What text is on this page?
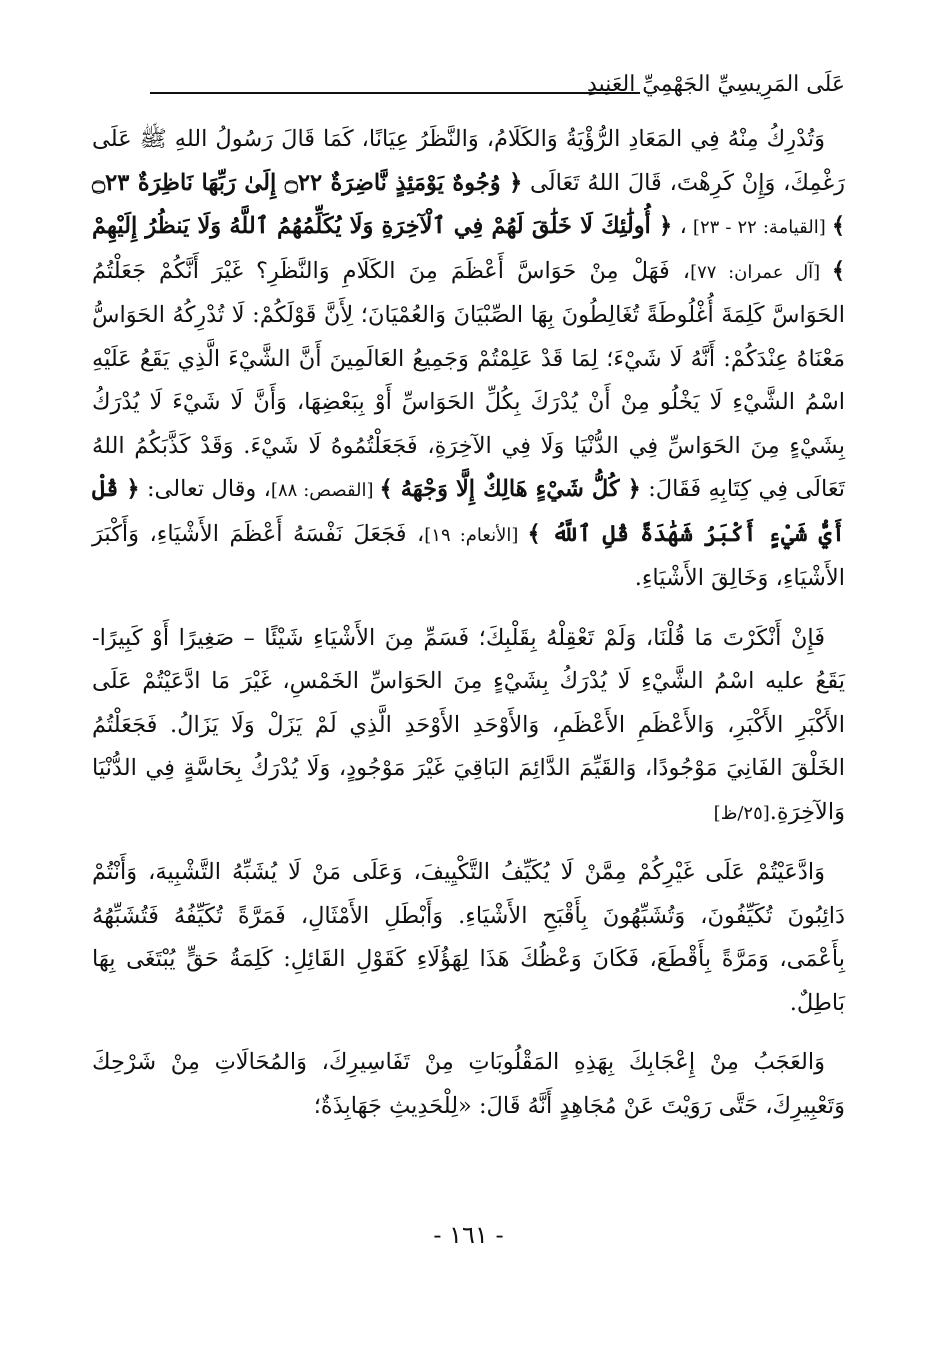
عَلَى المَرِيسِيِّ الجَهْمِيِّ العَنِيدِ

وَتُدْرِكُ مِنْهُ فِي المَعَادِ الرُّؤْيَةُ وَالكَلَامُ، وَالنَّظَرُ عِيَانًا، كَمَا قَالَ رَسُولُ اللهِ ﷺ عَلَى رَغْمِكَ، وَإِنْ كَرِهْتَ، قَالَ اللهُ تَعَالَى ﴿ وُجُوهٌ يَوْمَئِذٍ نَّاضِرَةٌ ۝٢٢ إِلَىٰ رَبِّهَا نَاظِرَةٌ ۝٢٣ ﴾ [القيامة: ٢٢ - ٢٣] ، ﴿ أُولَٰئِكَ لَا خَلَٰقَ لَهُمْ فِي ٱلْآخِرَةِ وَلَا يُكَلِّمُهُمُ ٱللَّهُ وَلَا يَنظُرُ إِلَيْهِمْ ﴾ [آل عمران: ٧٧]، فَهَلْ مِنْ حَوَاسَّ أَعْظَمَ مِنَ الكَلَامِ وَالنَّظَرِ؟ غَيْرَ أَنَّكُمْ جَعَلْتُمُ الحَوَاسَّ كَلِمَةَ أُغْلُوطَةً تُغَالِطُونَ بِهَا الصِّبْيَانَ وَالعُمْيَانَ؛ لِأَنَّ قَوْلَكُمْ: لَا تُدْرِكُهُ الحَوَاسُّ مَعْنَاهُ عِنْدَكُمْ: أَنَّهُ لَا شَيْءَ؛ لِمَا قَدْ عَلِمْتُمْ وَجَمِيعُ العَالَمِينَ أَنَّ الشَّيْءَ الَّذِي يَقَعُ عَلَيْهِ اسْمُ الشَّيْءِ لَا يَخْلُو مِنْ أَنْ يُدْرَكَ بِكُلِّ الحَوَاسِّ أَوْ بِبَعْضِهَا، وَأَنَّ لَا شَيْءَ لَا يُدْرَكُ بِشَيْءٍ مِنَ الحَوَاسِّ فِي الدُّنْيَا وَلَا فِي الآخِرَةِ، فَجَعَلْتُمُوهُ لَا شَيْءَ. وَقَدْ كَذَّبَكُمُ اللهُ تَعَالَى فِي كِتَابِهِ فَقَالَ: ﴿ كُلُّ شَيْءٍ هَالِكٌ إِلَّا وَجْهَهُ ﴾ [القصص: ٨٨]، وقال تعالى: ﴿ قُلْ أَيُّ شَيْءٍ أَكْبَرُ شَهَٰدَةً قُلِ ٱللَّهُ ﴾ [الأنعام: ١٩]، فَجَعَلَ نَفْسَهُ أَعْظَمَ الأَشْيَاءِ، وَأَكْبَرَ الأَشْيَاءِ، وَخَالِقَ الأَشْيَاءِ.

فَإِنْ أَنْكَرْتَ مَا قُلْنَا، وَلَمْ تَعْقِلْهُ بِقَلْبِكَ؛ فَسَمِّ مِنَ الأَشْيَاءِ شَيْئًا – صَغِيرًا أَوْ كَبِيرًا- يَقَعُ عليه اسْمُ الشَّيْءِ لَا يُدْرَكُ بِشَيْءٍ مِنَ الحَوَاسِّ الخَمْسِ، غَيْرَ مَا ادَّعَيْتُمْ عَلَى الأَكْبَرِ الأَكْبَرِ، وَالأَعْظَمِ الأَعْظَمِ، وَالأَوْحَدِ الأَوْحَدِ الَّذِي لَمْ يَزَلْ وَلَا يَزَالُ. فَجَعَلْتُمُ الخَلْقَ الفَانِيَ مَوْجُودًا، وَالقَيِّمَ الدَّائِمَ البَاقِيَ غَيْرَ مَوْجُودٍ، وَلَا يُدْرَكُ بِحَاسَّةٍ فِي الدُّنْيَا وَالآخِرَةِ.[٢٥/ظ]

وَادَّعَيْتُمْ عَلَى غَيْرِكُمْ مِمَّنْ لَا يُكَيِّفُ التَّكْيِيفَ، وَعَلَى مَنْ لَا يُشَبِّهُ التَّشْبِيهَ، وَأَنْتُمْ دَائِبُونَ تُكَيِّفُونَ، وَتُشَبِّهُونَ بِأَقْبَحِ الأَشْيَاءِ. وَأَبْطَلِ الأَمْثَالِ، فَمَرَّةً تُكَيِّفُهُ فَتُشَبِّهُهُ بِأَعْمَى، وَمَرَّةً بِأَقْطَعَ، فَكَانَ وَعْظُكَ هَذَا لِهَؤُلَاءِ كَقَوْلِ القَائِلِ: كَلِمَةُ حَقٍّ يُبْتَغَى بِهَا بَاطِلٌ.

وَالعَجَبُ مِنْ إِعْجَابِكَ بِهَذِهِ المَقْلُوبَاتِ مِنْ تَفَاسِيرِكَ، وَالمُحَالَاتِ مِنْ شَرْحِكَ وَتَعْبِيرِكَ، حَتَّى رَوَيْتَ عَنْ مُجَاهِدٍ أَنَّهُ قَالَ: «لِلْحَدِيثِ جَهَابِذَةٌ؛

- ١٦١ -
